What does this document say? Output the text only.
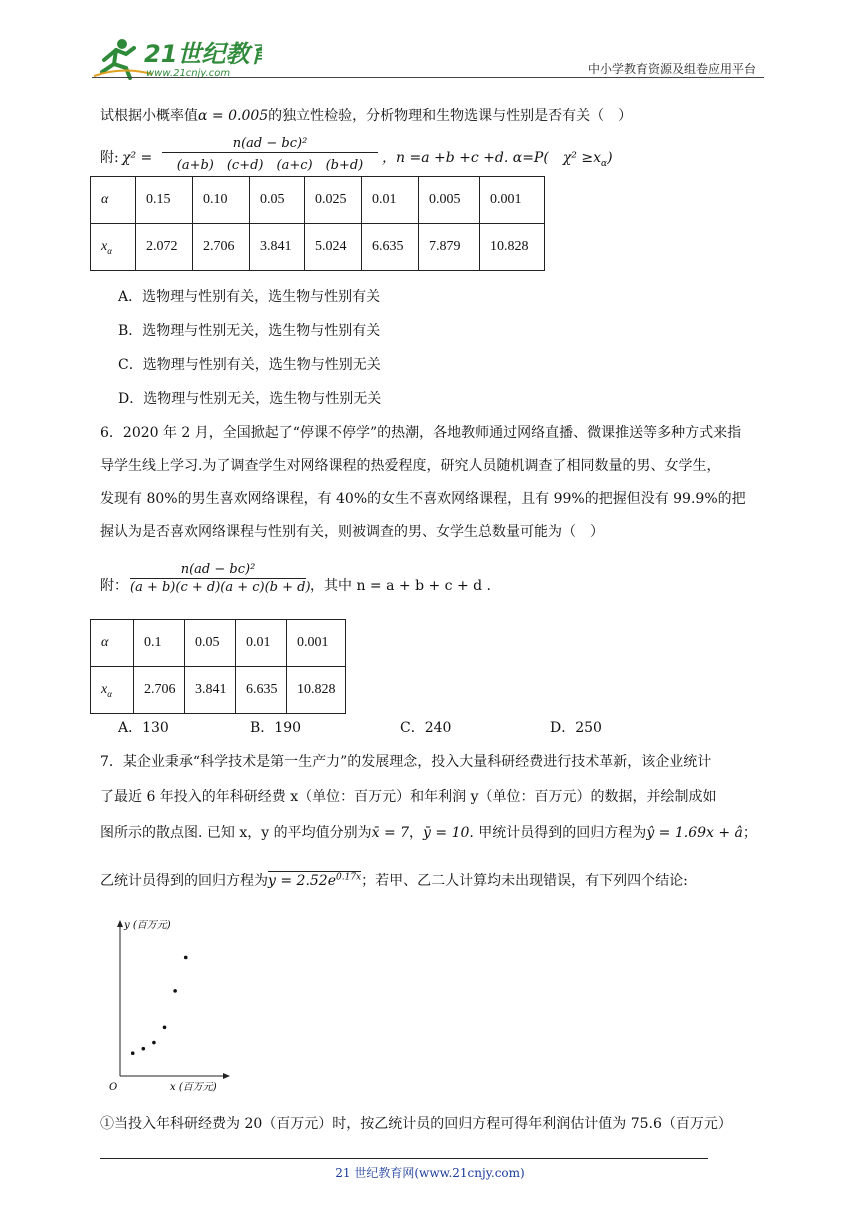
21世纪教育
www.21cnjy.com	中小学教育资源及组卷应用平台
试根据小概率值α = 0.005的独立性检验，分析物理和生物选课与性别是否有关（　）
附: χ² =
n(ad − bc)²
(a+b)　(c+d)　(a+c)　(b+d)	，n =a +b +c +d. α=P(　$\chi^2 \ge x_\alpha$)
α	0.15	0.10	0.05	0.025	0.01	0.005	0.001
$x_\alpha$	2.072	2.706	3.841	5.024	6.635	7.879	10.828
A．选物理与性别有关，选生物与性别有关
B．选物理与性别无关，选生物与性别有关
C．选物理与性别有关，选生物与性别无关
D．选物理与性别无关，选生物与性别无关
6．2020 年 2 月，全国掀起了“停课不停学”的热潮，各地教师通过网络直播、微课推送等多种方式来指
导学生线上学习.为了调查学生对网络课程的热爱程度，研究人员随机调查了相同数量的男、女学生，
发现有 80%的男生喜欢网络课程，有 40%的女生不喜欢网络课程，且有 99%的把握但没有 99.9%的把
握认为是否喜欢网络课程与性别有关，则被调查的男、女学生总数量可能为（　）
附：
n(ad − bc)²
(a + b)(c + d)(a + c)(b + d) ，其中 n = a + b + c + d .
α	0.1	0.05	0.01	0.001
$x_\alpha$	2.706	3.841	6.635	10.828
A．130	B．190	C．240	D．250
7．某企业秉承“科学技术是第一生产力”的发展理念，投入大量科研经费进行技术革新，该企业统计
了最近 6 年投入的年科研经费 x（单位：百万元）和年利润 y（单位：百万元）的数据，并绘制成如
图所示的散点图. 已知 x，y 的平均值分别为x̄ = 7，ȳ = 10. 甲统计员得到的回归方程为ŷ = 1.69x + â；
乙统计员得到的回归方程为$y = 2.52e^{0.17x}$；若甲、乙二人计算均未出现错误，有下列四个结论:
y (百万元)
x (百万元)
O
①当投入年科研经费为 20（百万元）时，按乙统计员的回归方程可得年利润估计值为 75.6（百万元）
21 世纪教育网(www.21cnjy.com)
